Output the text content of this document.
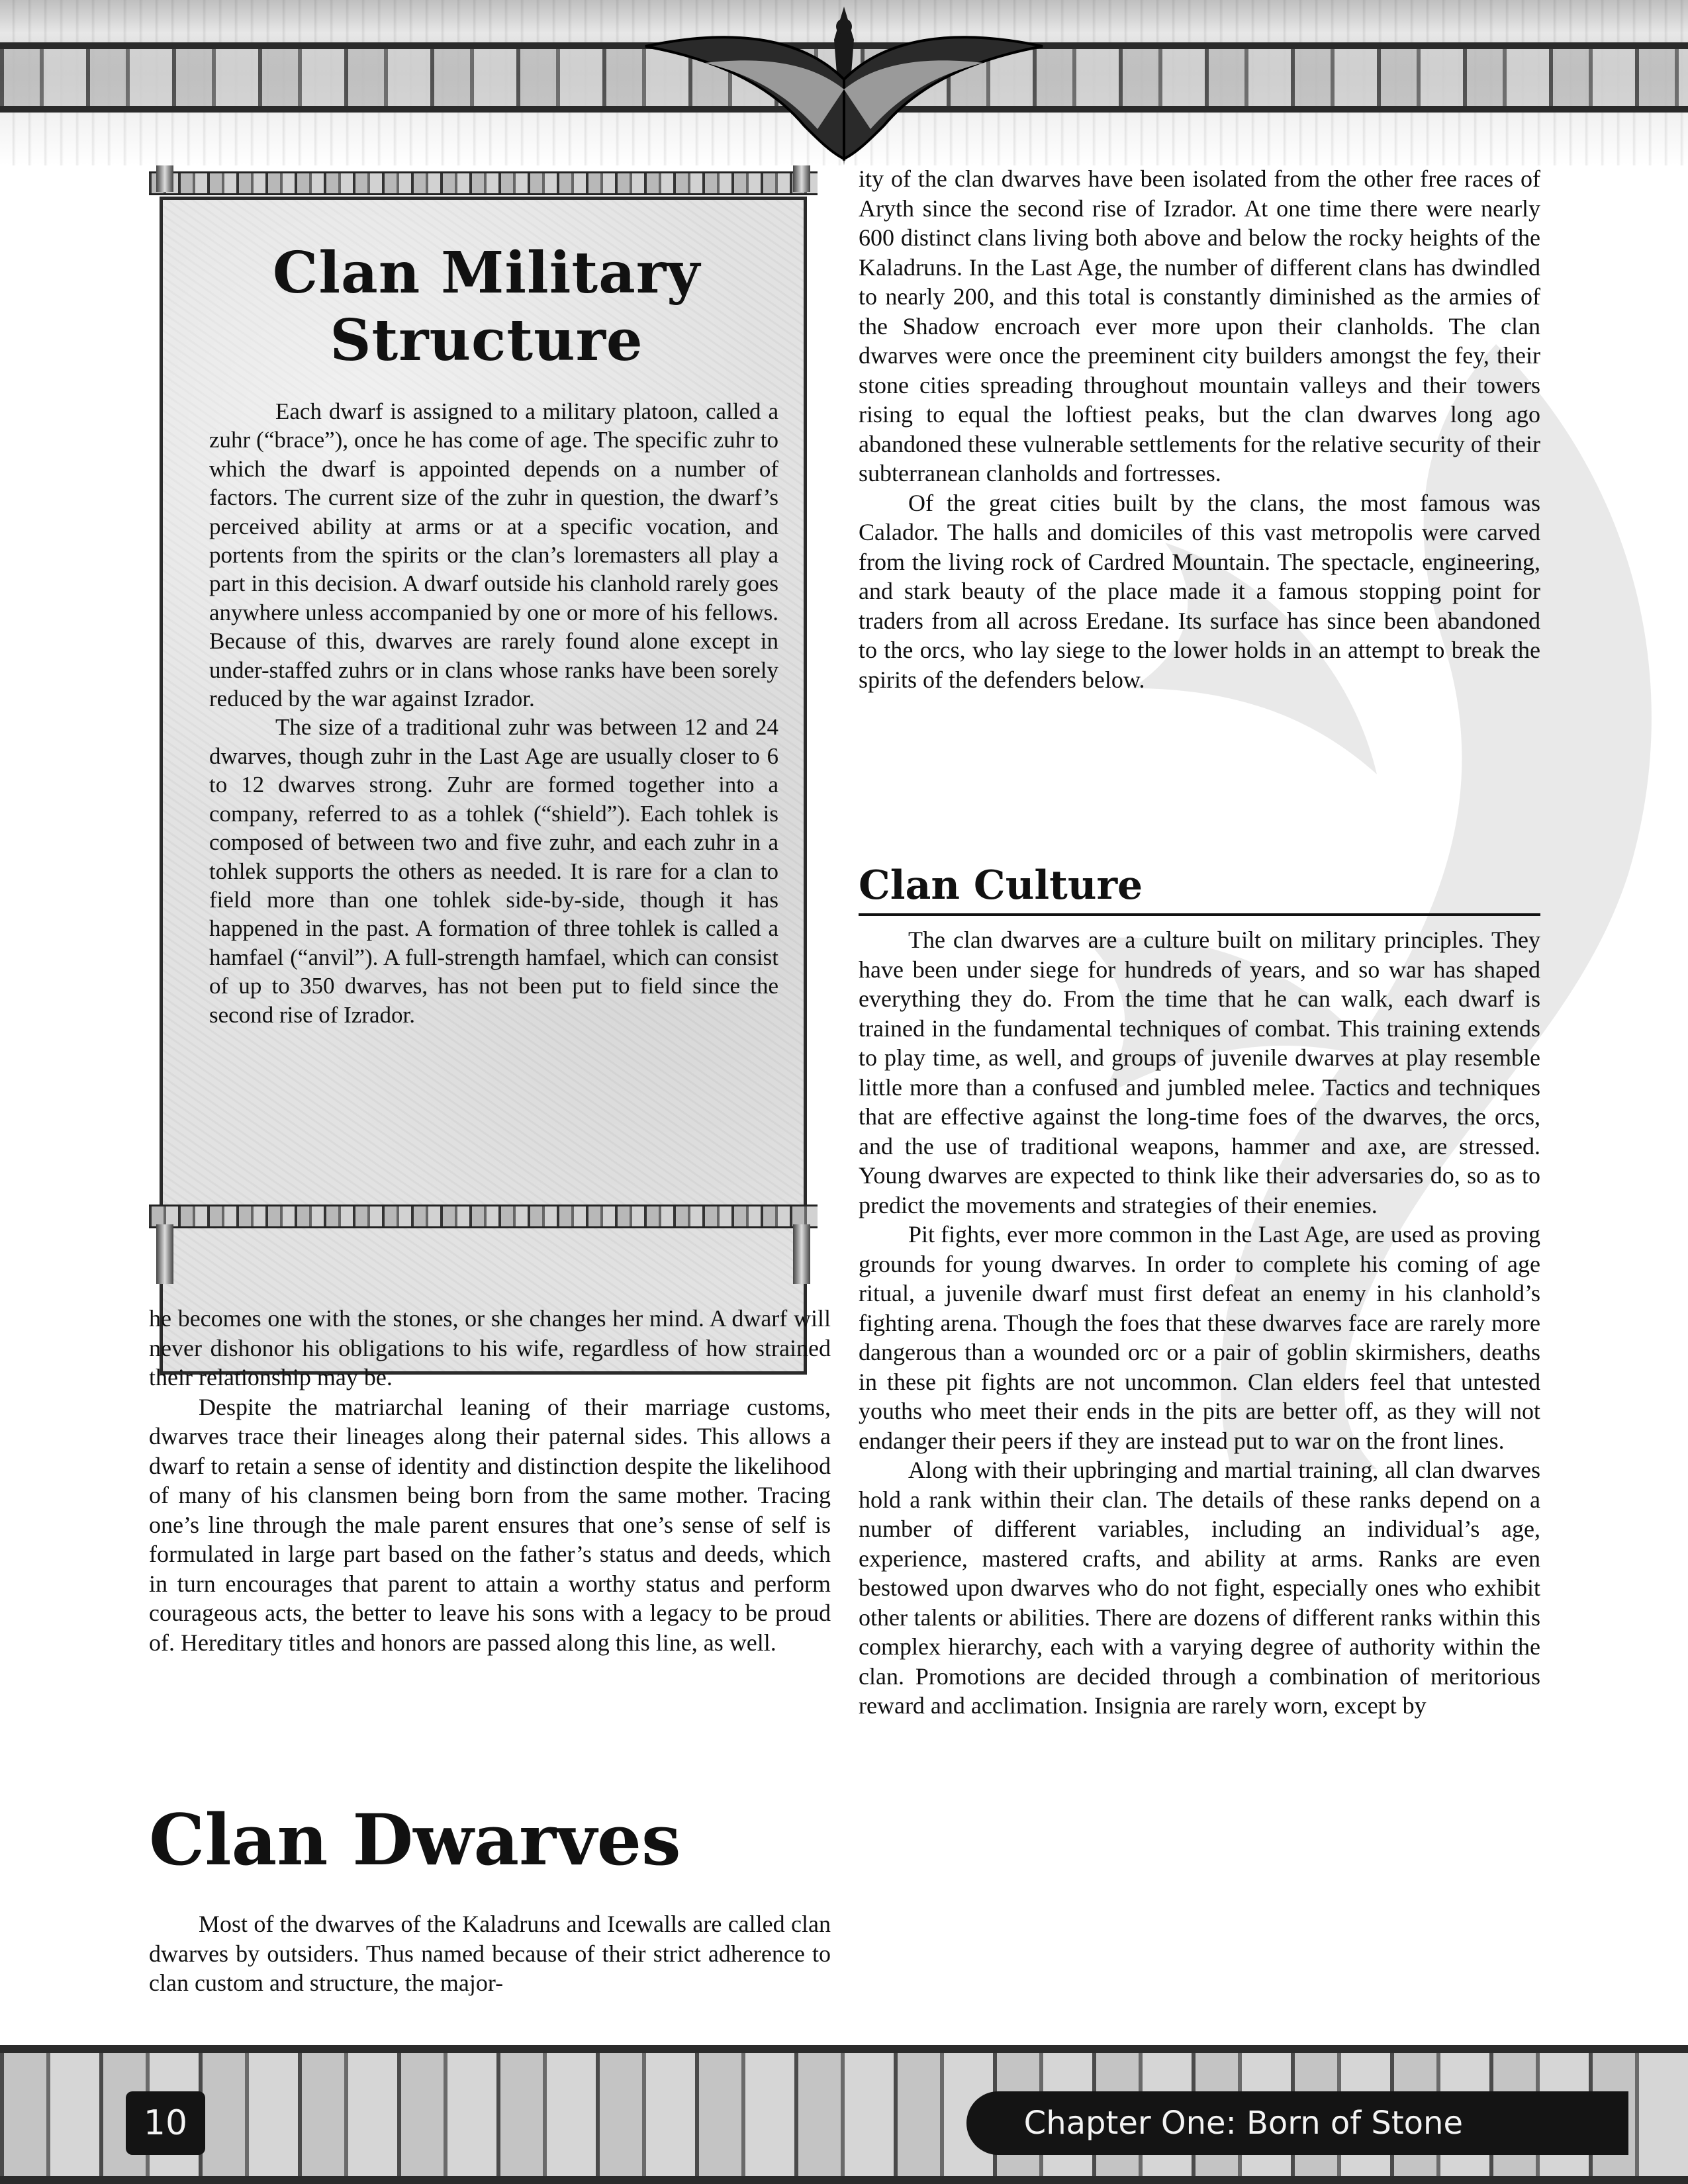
Clan Military
Structure

Each dwarf is assigned to a military platoon, called a zuhr (“brace”), once he has come of age. The specific zuhr to which the dwarf is appointed depends on a number of factors. The current size of the zuhr in question, the dwarf’s perceived ability at arms or at a specific vocation, and portents from the spirits or the clan’s loremasters all play a part in this decision. A dwarf outside his clanhold rarely goes anywhere unless accompanied by one or more of his fellows. Because of this, dwarves are rarely found alone except in under-staffed zuhrs or in clans whose ranks have been sorely reduced by the war against Izrador.

The size of a traditional zuhr was between 12 and 24 dwarves, though zuhr in the Last Age are usually closer to 6 to 12 dwarves strong. Zuhr are formed together into a company, referred to as a tohlek (“shield”). Each tohlek is composed of between two and five zuhr, and each zuhr in a tohlek supports the others as needed. It is rare for a clan to field more than one tohlek side-by-side, though it has happened in the past. A formation of three tohlek is called a hamfael (“anvil”). A full-strength hamfael, which can consist of up to 350 dwarves, has not been put to field since the second rise of Izrador.

he becomes one with the stones, or she changes her mind. A dwarf will never dishonor his obligations to his wife, regardless of how strained their relationship may be.

Despite the matriarchal leaning of their marriage customs, dwarves trace their lineages along their paternal sides. This allows a dwarf to retain a sense of identity and distinction despite the likelihood of many of his clansmen being born from the same mother. Tracing one’s line through the male parent ensures that one’s sense of self is formulated in large part based on the father’s status and deeds, which in turn encourages that parent to attain a worthy status and perform courageous acts, the better to leave his sons with a legacy to be proud of. Hereditary titles and honors are passed along this line, as well.

Clan Dwarves

Most of the dwarves of the Kaladruns and Icewalls are called clan dwarves by outsiders. Thus named because of their strict adherence to clan custom and structure, the major-

ity of the clan dwarves have been isolated from the other free races of Aryth since the second rise of Izrador. At one time there were nearly 600 distinct clans living both above and below the rocky heights of the Kaladruns. In the Last Age, the number of different clans has dwindled to nearly 200, and this total is constantly diminished as the armies of the Shadow encroach ever more upon their clanholds. The clan dwarves were once the preeminent city builders amongst the fey, their stone cities spreading throughout mountain valleys and their towers rising to equal the loftiest peaks, but the clan dwarves long ago abandoned these vulnerable settlements for the relative security of their subterranean clanholds and fortresses.

Of the great cities built by the clans, the most famous was Calador. The halls and domiciles of this vast metropolis were carved from the living rock of Cardred Mountain. The spectacle, engineering, and stark beauty of the place made it a famous stopping point for traders from all across Eredane. Its surface has since been abandoned to the orcs, who lay siege to the lower holds in an attempt to break the spirits of the defenders below.

Clan Culture

The clan dwarves are a culture built on military principles. They have been under siege for hundreds of years, and so war has shaped everything they do. From the time that he can walk, each dwarf is trained in the fundamental techniques of combat. This training extends to play time, as well, and groups of juvenile dwarves at play resemble little more than a confused and jumbled melee. Tactics and techniques that are effective against the long-time foes of the dwarves, the orcs, and the use of traditional weapons, hammer and axe, are stressed. Young dwarves are expected to think like their adversaries do, so as to predict the movements and strategies of their enemies.

Pit fights, ever more common in the Last Age, are used as proving grounds for young dwarves. In order to complete his coming of age ritual, a juvenile dwarf must first defeat an enemy in his clanhold’s fighting arena. Though the foes that these dwarves face are rarely more dangerous than a wounded orc or a pair of goblin skirmishers, deaths in these pit fights are not uncommon. Clan elders feel that untested youths who meet their ends in the pits are better off, as they will not endanger their peers if they are instead put to war on the front lines.

Along with their upbringing and martial training, all clan dwarves hold a rank within their clan. The details of these ranks depend on a number of different variables, including an individual’s age, experience, mastered crafts, and ability at arms. Ranks are even bestowed upon dwarves who do not fight, especially ones who exhibit other talents or abilities. There are dozens of different ranks within this complex hierarchy, each with a varying degree of authority within the clan. Promotions are decided through a combination of meritorious reward and acclimation. Insignia are rarely worn, except by

10	Chapter One: Born of Stone
